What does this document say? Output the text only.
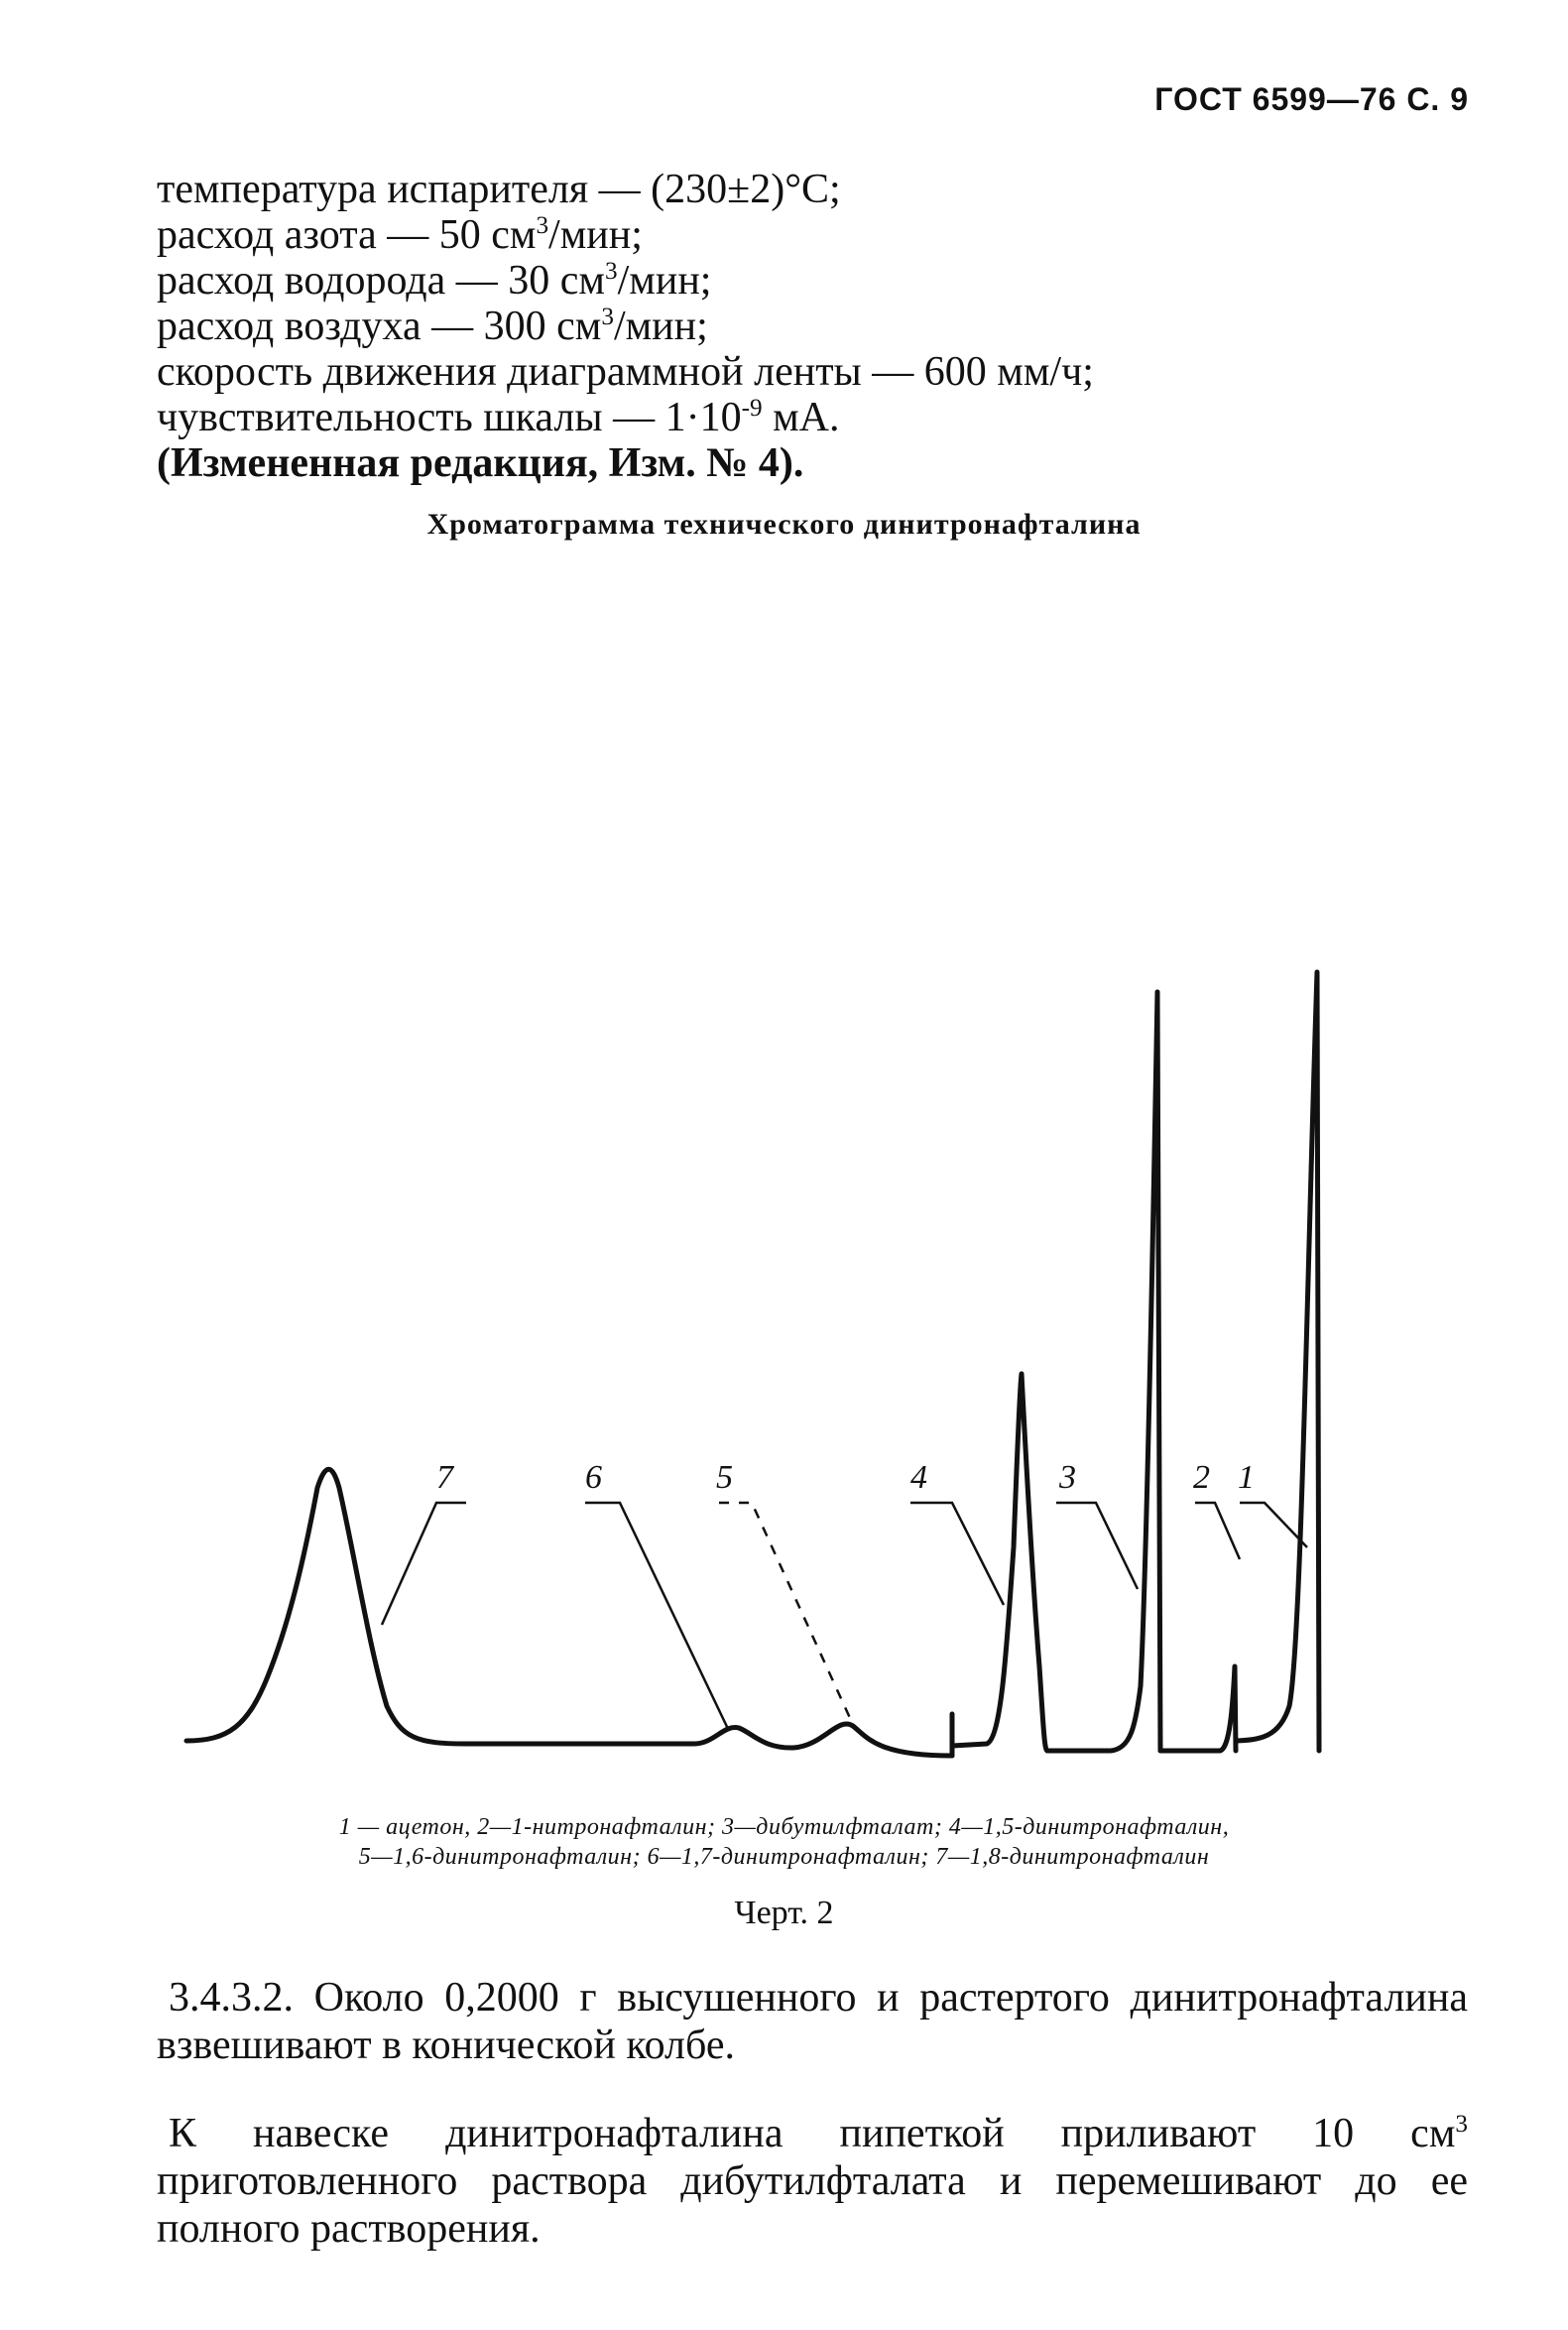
ГОСТ 6599—76 С. 9
температура испарителя — (230±2)°C;
расход азота — 50 $см^3$/мин;
расход водорода — 30 $см^3$/мин;
расход воздуха — 300 $см^3$/мин;
скорость движения диаграммной ленты — 600 мм/ч;
чувствительность шкалы — $1\cdot 10^{-9}$ мА.
(Измененная редакция, Изм. № 4).
Хроматограмма технического динитронафталина
7	6	5	4	3	2 1
1 — ацетон, 2—1-нитронафталин; 3—дибутилфталат; 4—1,5-динитронафталин,
5—1,6-динитронафталин; 6—1,7-динитронафталин; 7—1,8-динитронафталин
Черт. 2
3.4.3.2. Около 0,2000 г высушенного и растертого динитронафталина взвешивают в конической колбе.
К навеске динитронафталина пипеткой приливают 10 $см^3$ приготовленного раствора дибутилфталата и перемешивают до ее полного растворения.
